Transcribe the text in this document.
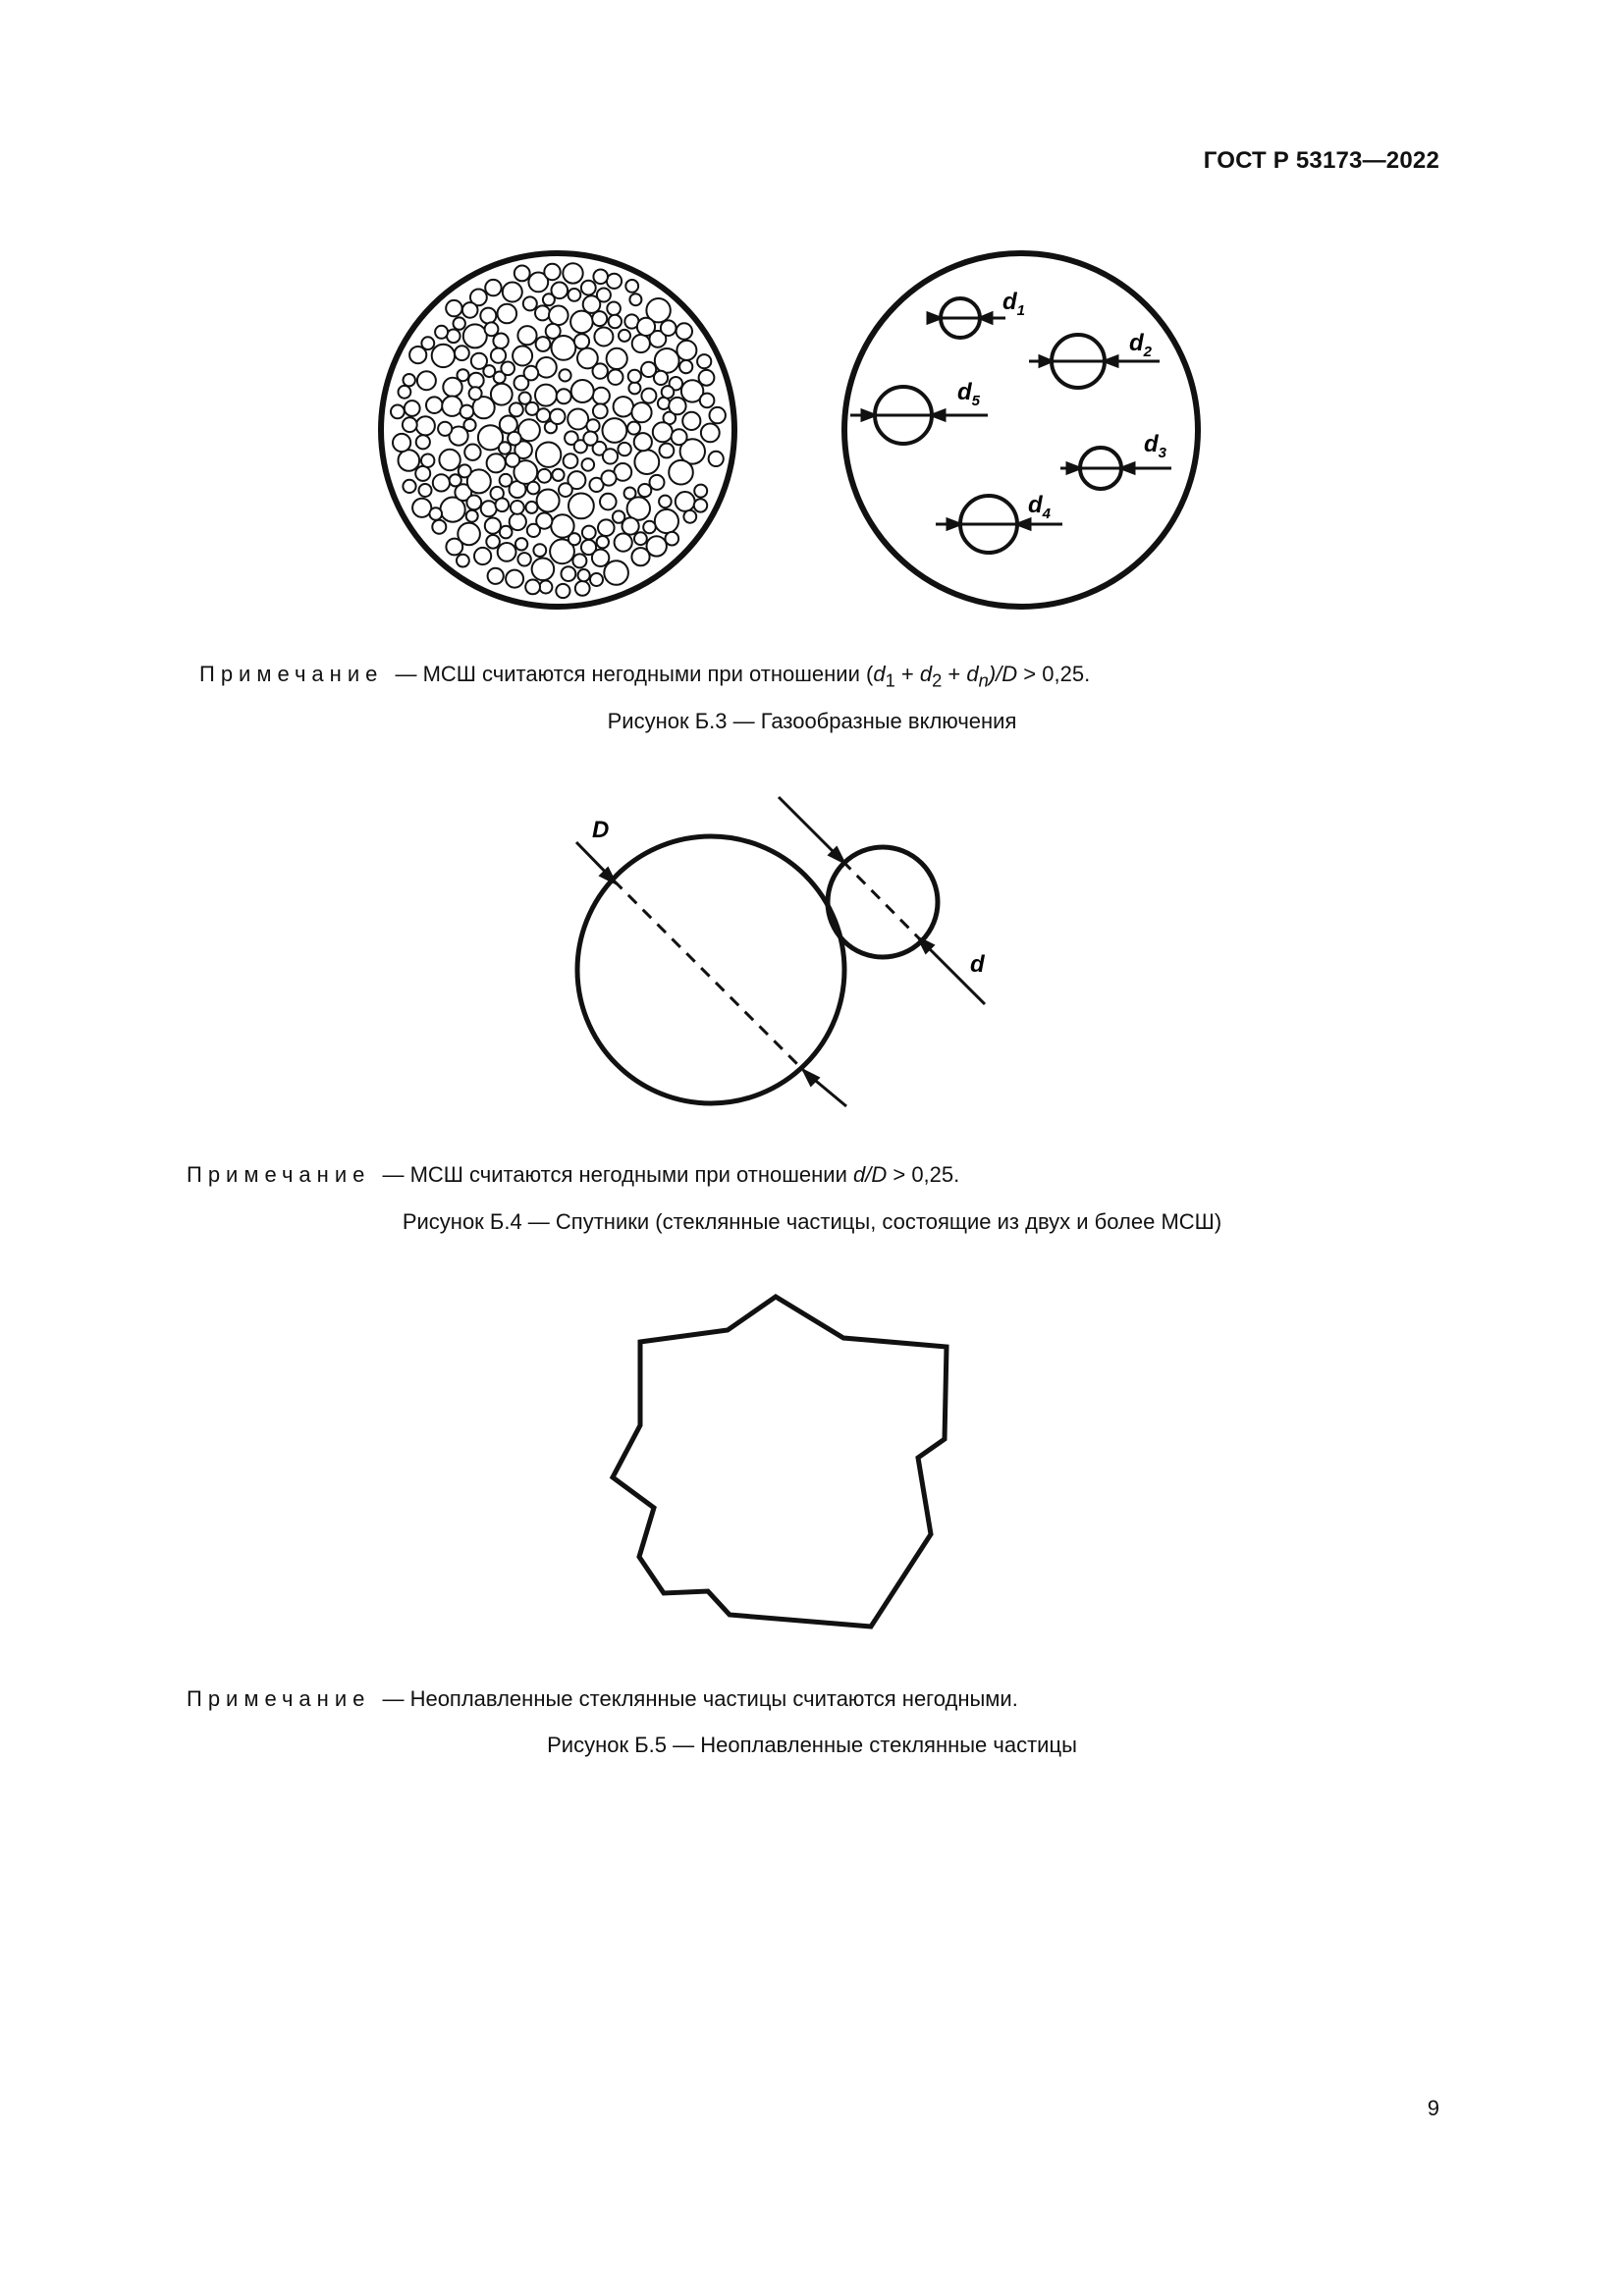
ГОСТ Р 53173—2022
$d_1$
$d_2$
$d_3$
$d_4$
$d_5$
Примечание — МСШ считаются негодными при отношении $(d_1 + d_2 + d_n)/D > 0,25$.
Рисунок Б.3 — Газообразные включения
D
d
Примечание — МСШ считаются негодными при отношении d/D > 0,25.
Рисунок Б.4 — Спутники (стеклянные частицы, состоящие из двух и более МСШ)
Примечание — Неоплавленные стеклянные частицы считаются негодными.
Рисунок Б.5 — Неоплавленные стеклянные частицы
9
